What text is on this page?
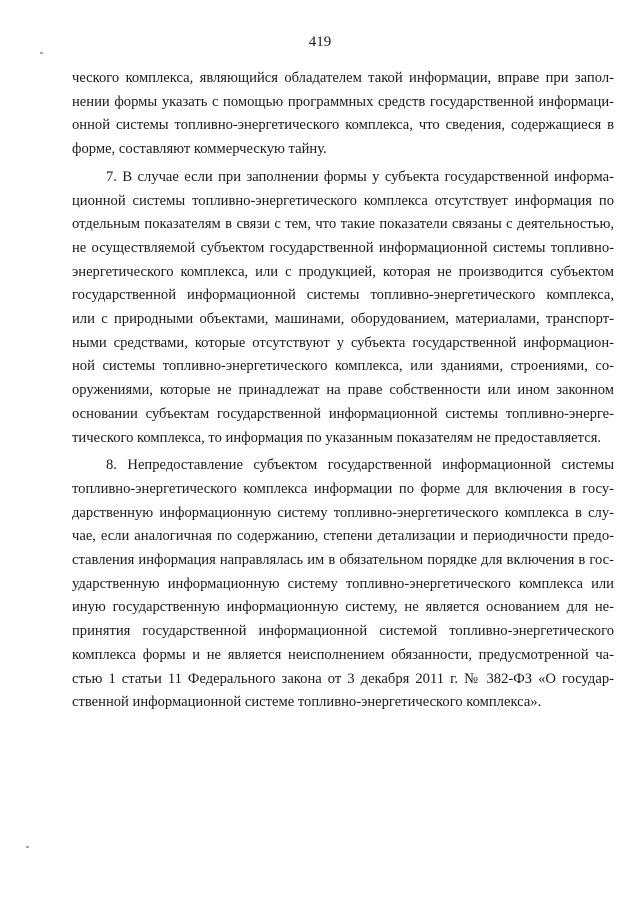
419

ческого комплекса, являющийся обладателем такой информации, вправе при запол-
нении формы указать с помощью программных средств государственной информаци-
онной системы топливно-энергетического комплекса, что сведения, содержащиеся в
форме, составляют коммерческую тайну.

7. В случае если при заполнении формы у субъекта государственной информа-
ционной системы топливно-энергетического комплекса отсутствует информация по
отдельным показателям в связи с тем, что такие показатели связаны с деятельностью,
не осуществляемой субъектом государственной информационной системы топливно-
энергетического комплекса, или с продукцией, которая не производится субъектом
государственной информационной системы топливно-энергетического комплекса,
или с природными объектами, машинами, оборудованием, материалами, транспорт-
ными средствами, которые отсутствуют у субъекта государственной информацион-
ной системы топливно-энергетического комплекса, или зданиями, строениями, со-
оружениями, которые не принадлежат на праве собственности или ином законном
основании субъектам государственной информационной системы топливно-энерге-
тического комплекса, то информация по указанным показателям не предоставляется.

8. Непредоставление субъектом государственной информационной системы
топливно-энергетического комплекса информации по форме для включения в госу-
дарственную информационную систему топливно-энергетического комплекса в слу-
чае, если аналогичная по содержанию, степени детализации и периодичности предо-
ставления информация направлялась им в обязательном порядке для включения в гос-
ударственную информационную систему топливно-энергетического комплекса или
иную государственную информационную систему, не является основанием для не-
принятия государственной информационной системой топливно-энергетического
комплекса формы и не является неисполнением обязанности, предусмотренной ча-
стью 1 статьи 11 Федерального закона от 3 декабря 2011 г. № 382-ФЗ «О государ-
ственной информационной системе топливно-энергетического комплекса».
